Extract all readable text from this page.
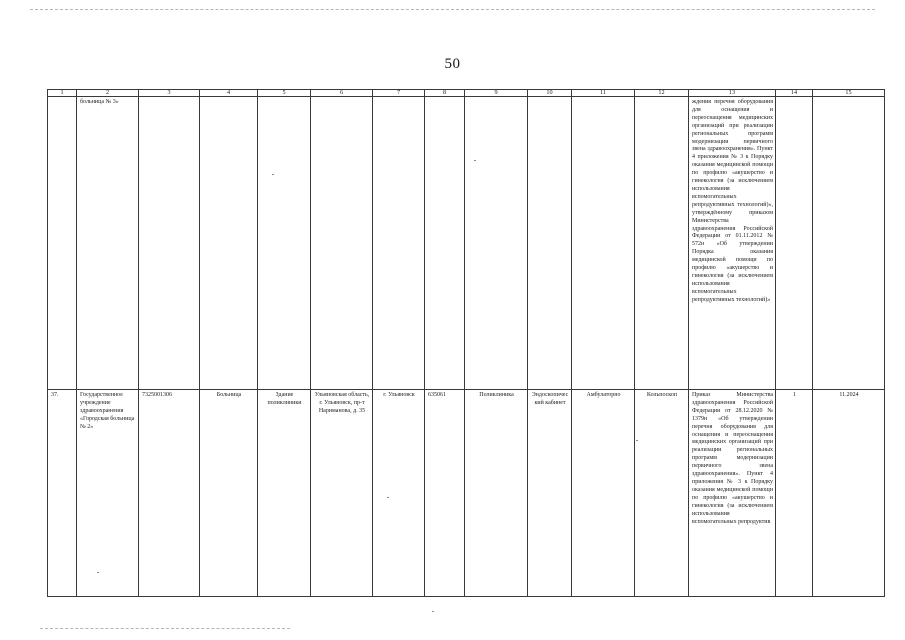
50
1	2	3	4	5	6	7	8	9	10	11	12	13	14	15
	больница № 3»											ждения перечня оборудования для оснащения и переоснащения медицинских организаций при реализации региональных программ модернизации первичного звена здравоохранения». Пункт 4 приложения № 3 к Порядку оказания медицинской помощи по профилю «акушерство и гинекология (за исключением использования вспомогательных репродуктивных технологий)», утверждённому приказом Министерства здравоохранения Российской Федерации от 01.11.2012 № 572н «Об утверждении Порядка оказания медицинской помощи по профилю «акушерство и гинекология (за исключением использования вспомогательных репродуктивных технологий)»		
37.	Государственное учреждение здравоохранения «Городская больница № 2»	7325001306	Больница	Здание поликлиники	Ульяновская область, г. Ульяновск, пр-т Нариманова, д. 35	г. Ульяновск	635061	Поликлиника	Эндоскопический кабинет	Амбулаторно	Кольпоскоп	Приказ Министерства здравоохранения Российской Федерации от 28.12.2020 № 1379н «Об утверждении перечня оборудования для оснащения и переоснащения медицинских организаций при реализации региональных программ модернизации первичного звена здравоохранения». Пункт 4 приложения № 3 к Порядку оказания медицинской помощи по профилю «акушерство и гинекология (за исключением использования вспомогательных репродуктив	1	11.2024
